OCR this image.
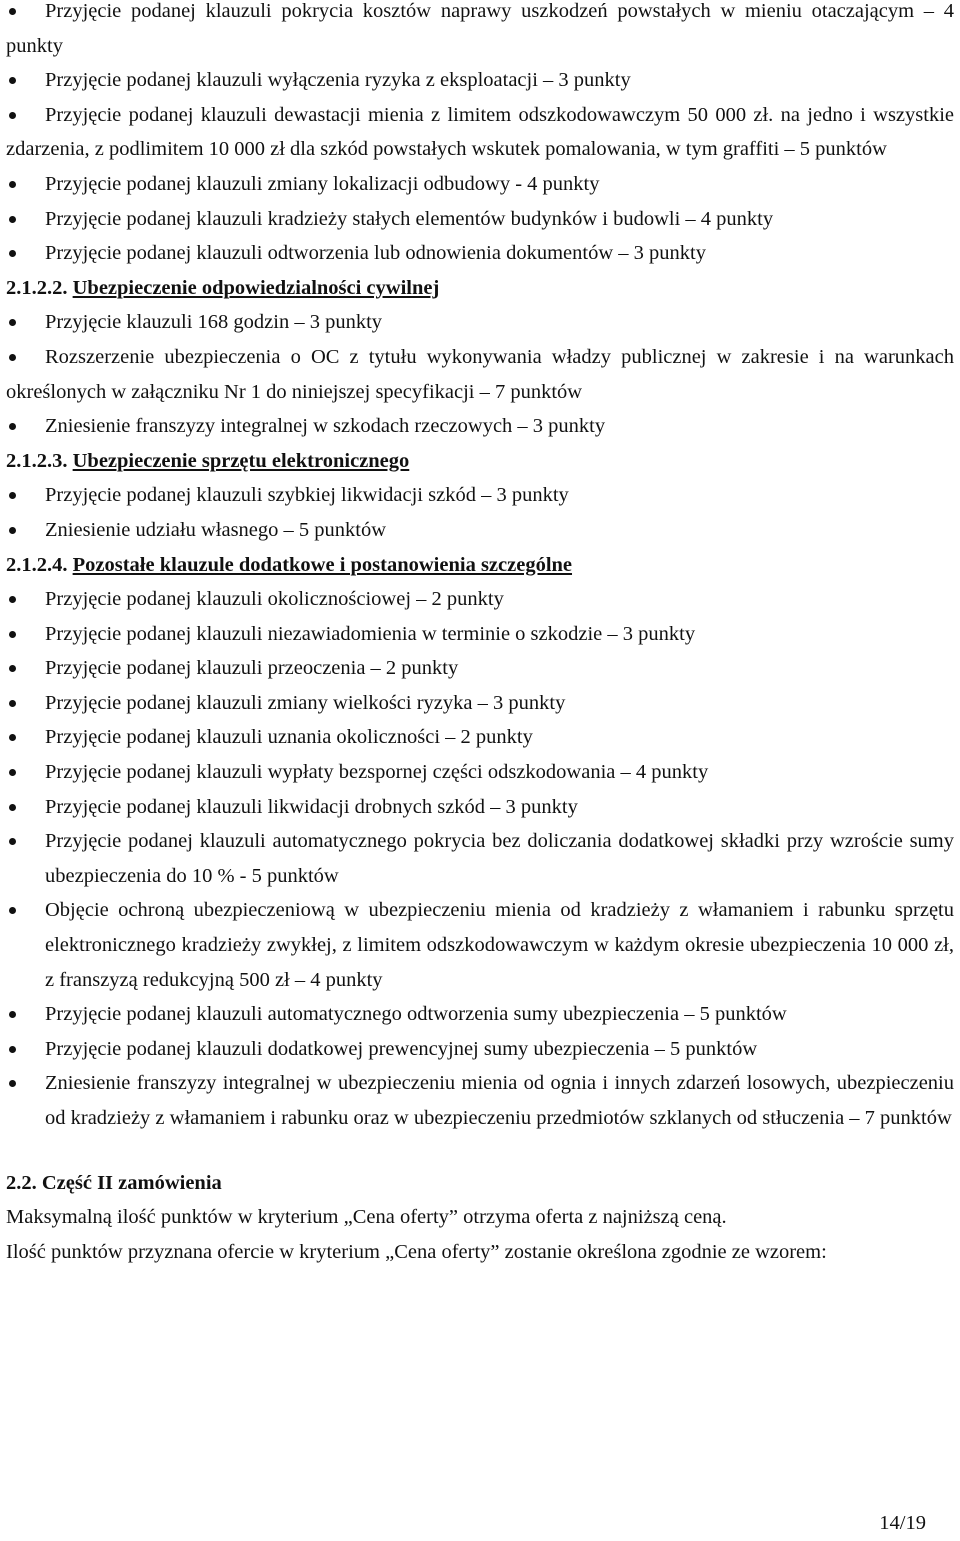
Przyjęcie podanej klauzuli pokrycia kosztów naprawy uszkodzeń powstałych w mieniu otaczającym – 4 punkty
Przyjęcie podanej klauzuli wyłączenia ryzyka z eksploatacji – 3 punkty
Przyjęcie podanej klauzuli dewastacji mienia z limitem odszkodowawczym 50 000 zł. na jedno i wszystkie zdarzenia, z podlimitem 10 000 zł dla szkód powstałych wskutek pomalowania, w tym graffiti – 5 punktów
Przyjęcie podanej klauzuli zmiany lokalizacji odbudowy - 4 punkty
Przyjęcie podanej klauzuli kradzieży stałych elementów budynków i budowli – 4 punkty
Przyjęcie podanej klauzuli odtworzenia lub odnowienia dokumentów – 3 punkty

2.1.2.2. Ubezpieczenie odpowiedzialności cywilnej

Przyjęcie klauzuli 168 godzin – 3 punkty
Rozszerzenie ubezpieczenia o OC z tytułu wykonywania władzy publicznej w zakresie i na warunkach określonych w załączniku Nr 1 do niniejszej specyfikacji – 7 punktów
Zniesienie franszyzy integralnej w szkodach rzeczowych – 3 punkty

2.1.2.3. Ubezpieczenie sprzętu elektronicznego

Przyjęcie podanej klauzuli szybkiej likwidacji szkód – 3 punkty
Zniesienie udziału własnego – 5 punktów

2.1.2.4. Pozostałe klauzule dodatkowe i postanowienia szczególne

Przyjęcie podanej klauzuli okolicznościowej – 2 punkty
Przyjęcie podanej klauzuli niezawiadomienia w terminie o szkodzie – 3 punkty
Przyjęcie podanej klauzuli przeoczenia – 2 punkty
Przyjęcie podanej klauzuli zmiany wielkości ryzyka – 3 punkty
Przyjęcie podanej klauzuli uznania okoliczności – 2 punkty
Przyjęcie podanej klauzuli wypłaty bezspornej części odszkodowania – 4 punkty
Przyjęcie podanej klauzuli likwidacji drobnych szkód – 3 punkty
Przyjęcie podanej klauzuli automatycznego pokrycia bez doliczania dodatkowej składki przy wzroście sumy ubezpieczenia do 10 % - 5 punktów
Objęcie ochroną ubezpieczeniową w ubezpieczeniu mienia od kradzieży z włamaniem i rabunku sprzętu elektronicznego kradzieży zwykłej, z limitem odszkodowawczym w każdym okresie ubezpieczenia 10 000 zł, z franszyzą redukcyjną 500 zł – 4 punkty
Przyjęcie podanej klauzuli automatycznego odtworzenia sumy ubezpieczenia – 5 punktów
Przyjęcie podanej klauzuli dodatkowej prewencyjnej sumy ubezpieczenia – 5 punktów
Zniesienie franszyzy integralnej w ubezpieczeniu mienia od ognia i innych zdarzeń losowych, ubezpieczeniu od kradzieży z włamaniem i rabunku oraz w ubezpieczeniu przedmiotów szklanych od stłuczenia – 7 punktów

2.2. Część II zamówienia

Maksymalną ilość punktów w kryterium „Cena oferty” otrzyma oferta z najniższą ceną.

Ilość punktów przyznana ofercie w kryterium „Cena oferty” zostanie określona zgodnie ze wzorem:

14/19
